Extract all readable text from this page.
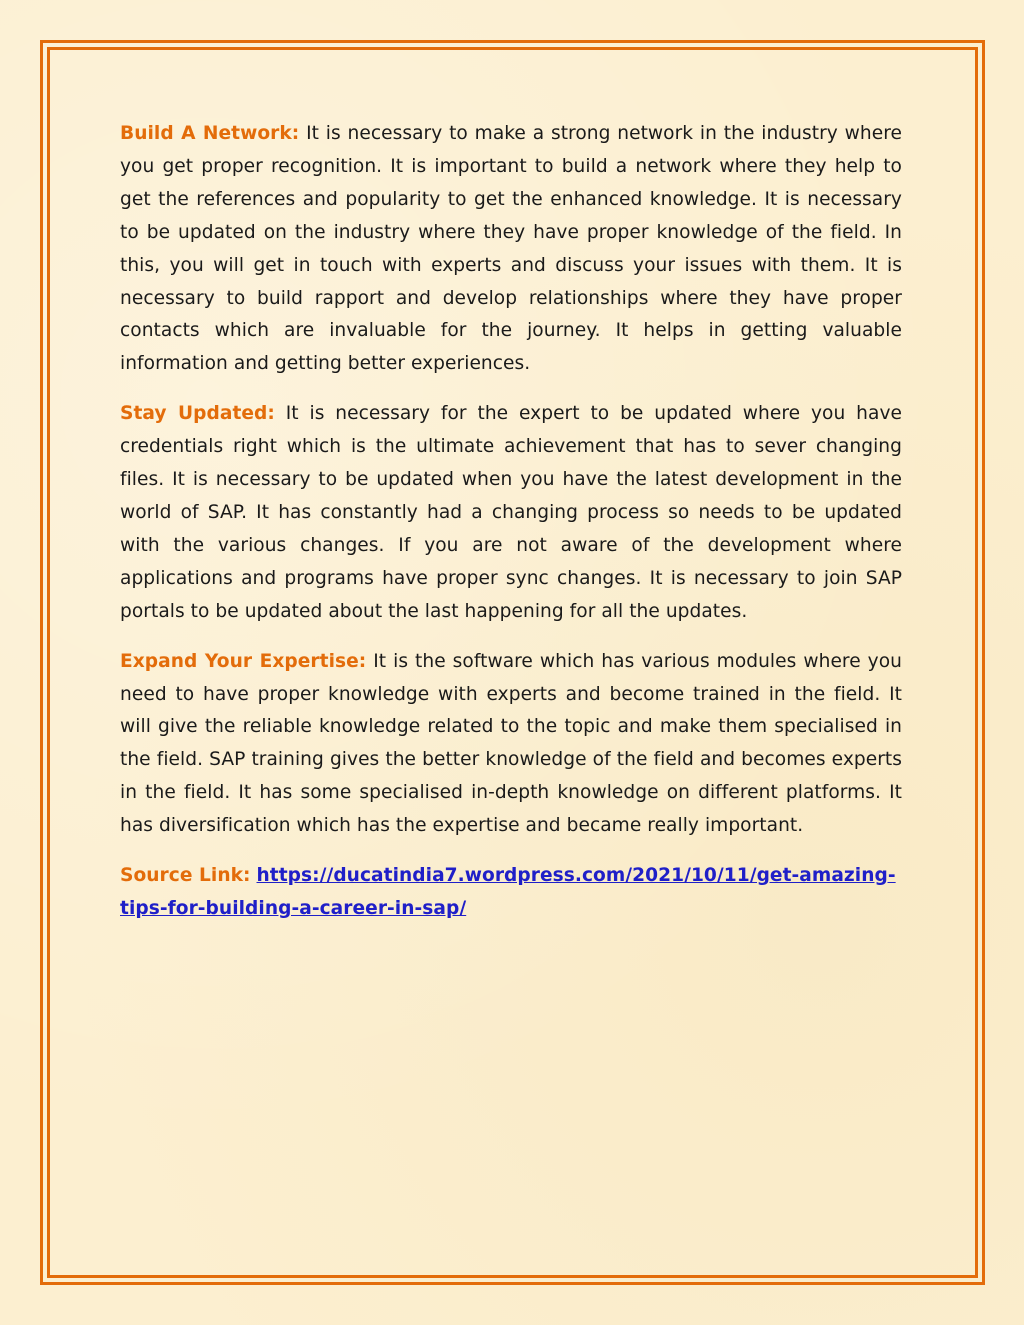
Build A Network: It is necessary to make a strong network in the industry where you get proper recognition. It is important to build a network where they help to get the references and popularity to get the enhanced knowledge. It is necessary to be updated on the industry where they have proper knowledge of the field. In this, you will get in touch with experts and discuss your issues with them. It is necessary to build rapport and develop relationships where they have proper contacts which are invaluable for the journey. It helps in getting valuable information and getting better experiences.

Stay Updated: It is necessary for the expert to be updated where you have credentials right which is the ultimate achievement that has to sever changing files. It is necessary to be updated when you have the latest development in the world of SAP. It has constantly had a changing process so needs to be updated with the various changes. If you are not aware of the development where applications and programs have proper sync changes. It is necessary to join SAP portals to be updated about the last happening for all the updates.

Expand Your Expertise: It is the software which has various modules where you need to have proper knowledge with experts and become trained in the field. It will give the reliable knowledge related to the topic and make them specialised in the field. SAP training gives the better knowledge of the field and becomes experts in the field. It has some specialised in-depth knowledge on different platforms. It has diversification which has the expertise and became really important.

Source Link: https://ducatindia7.wordpress.com/2021/10/11/get-amazing-tips-for-building-a-career-in-sap/
